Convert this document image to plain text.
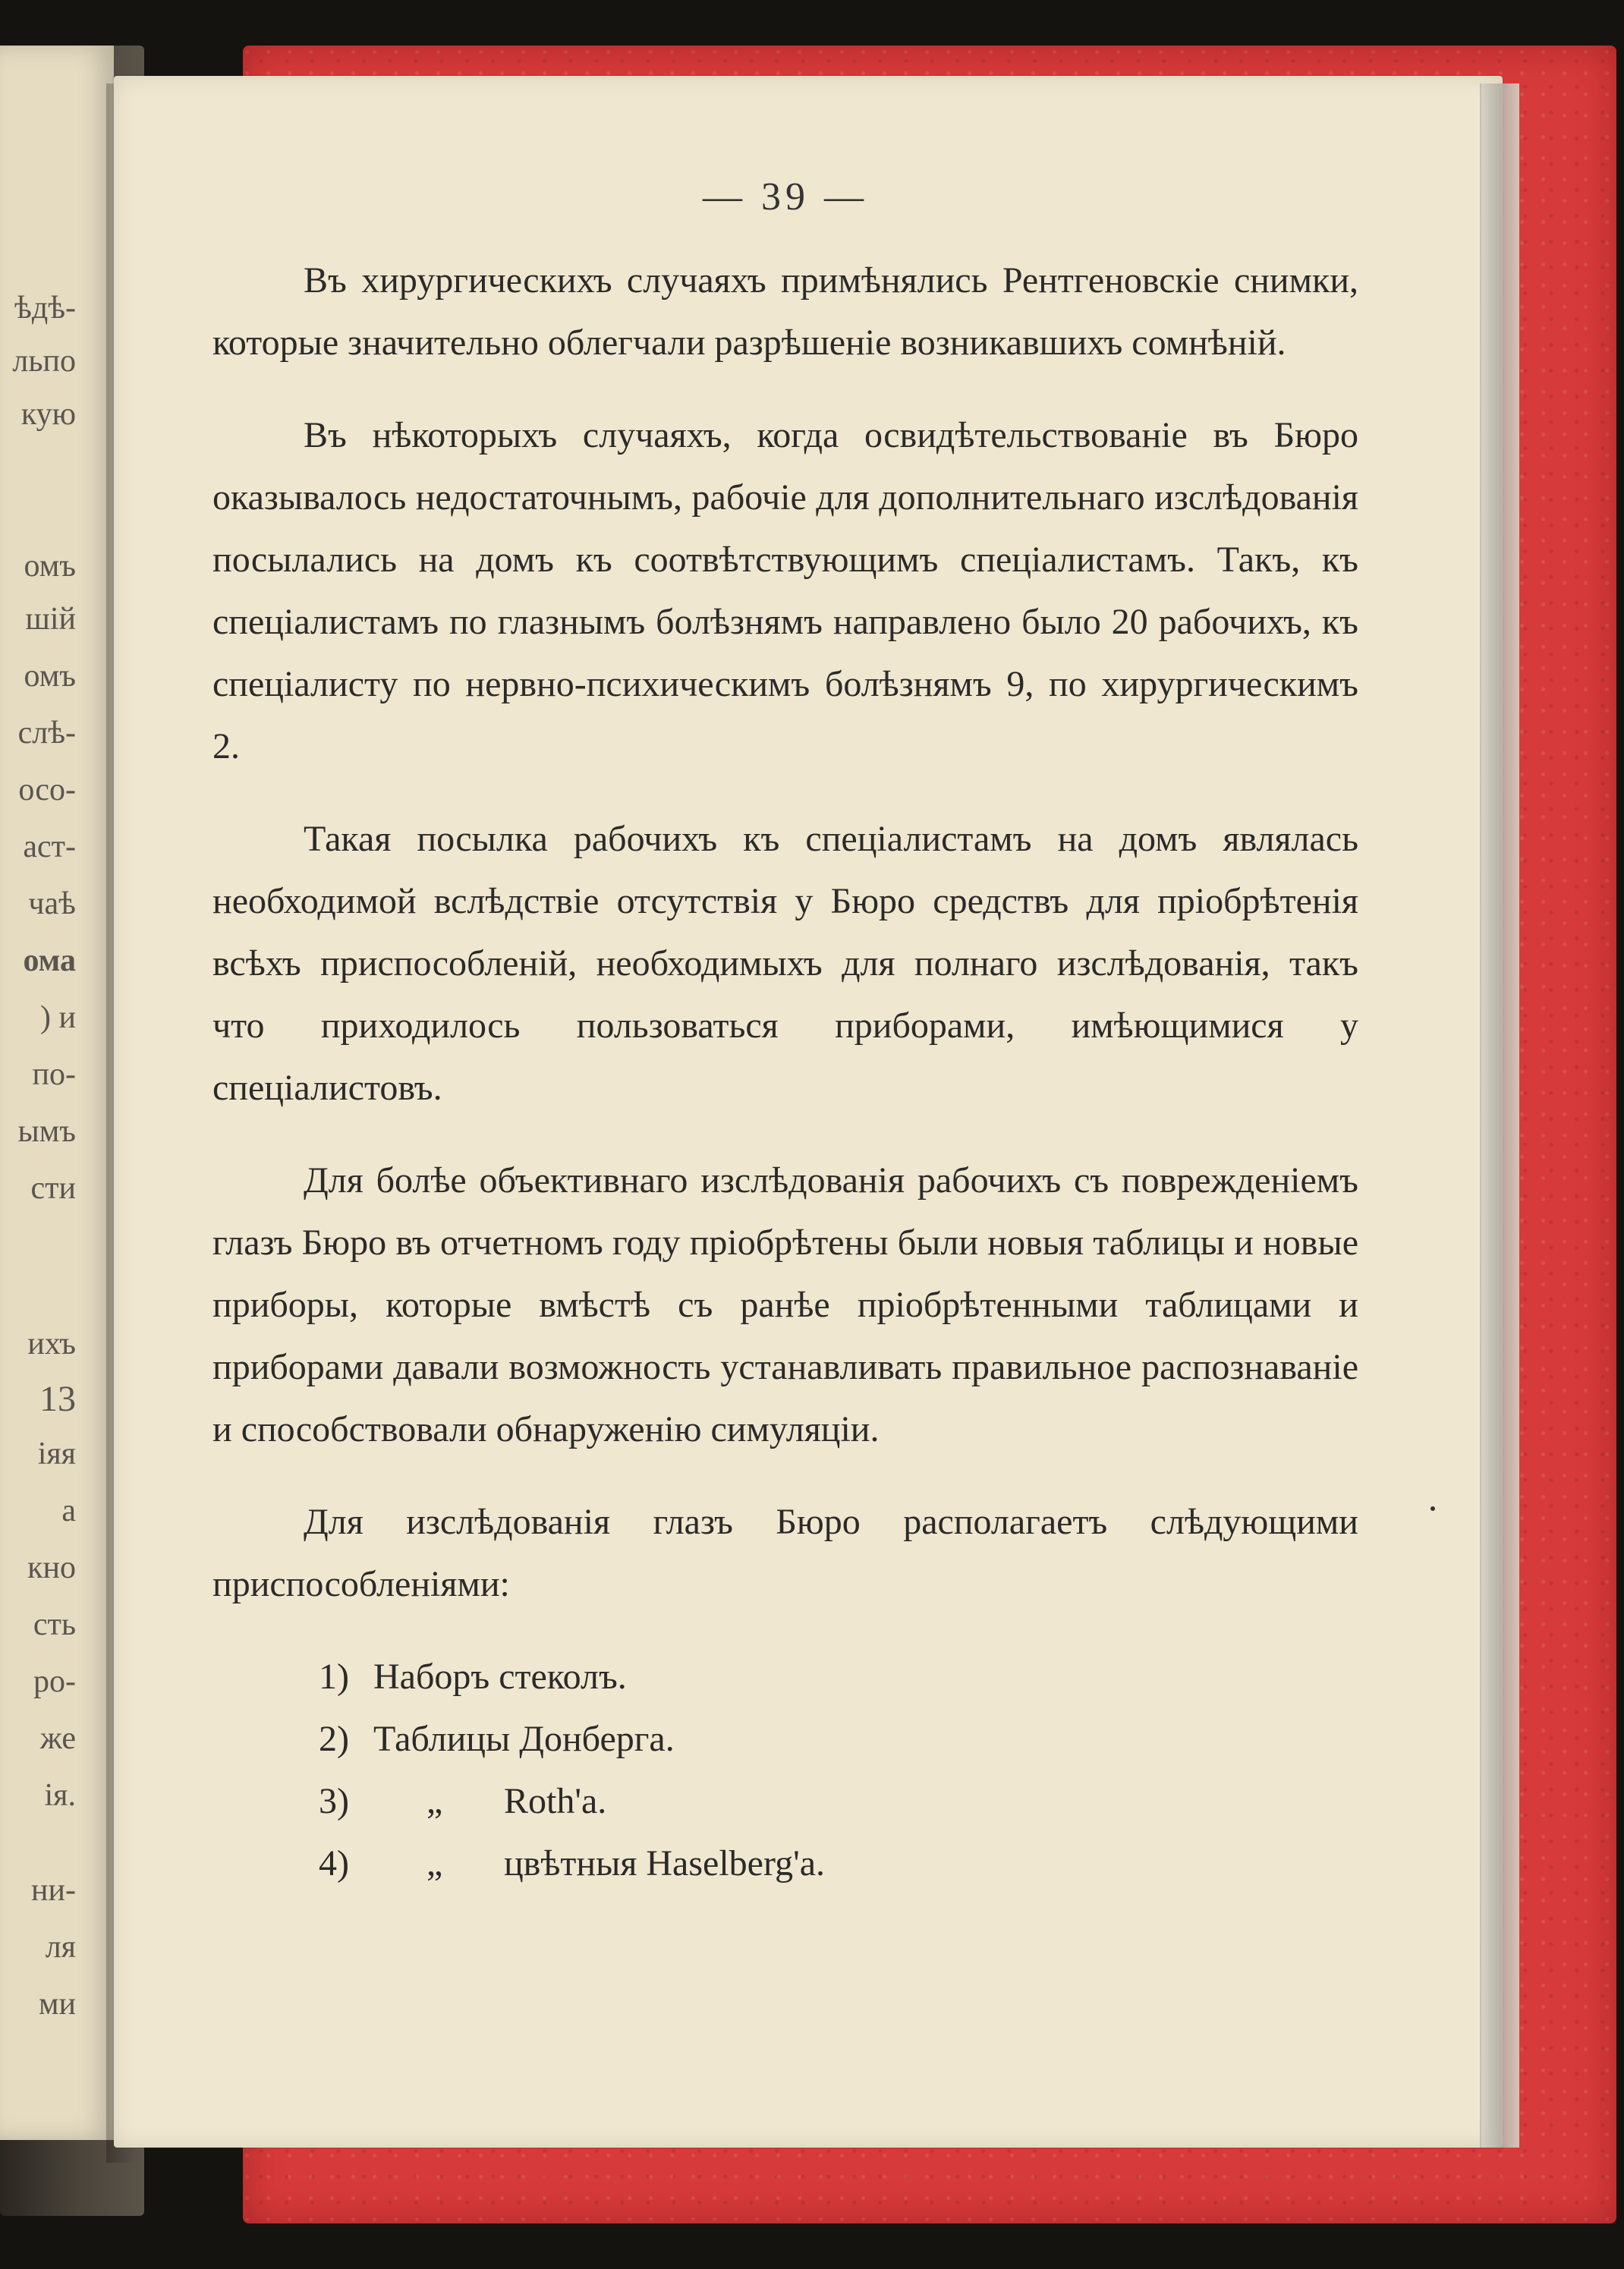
ѣдѣ-
льпо
кую
омъ
шій
омъ
слѣ-
осо-
аст-
чаѣ
ома
) и
по-
ымъ
сти
ихъ
13
іяя
а
кно
сть
ро-
же
ія.
ни-
ля
ми
— 39 —

Въ хирургическихъ случаяхъ примѣнялись Рентгеновскіе снимки, которые значительно облегчали разрѣшеніе возникавшихъ сомнѣній.

Въ нѣкоторыхъ случаяхъ, когда освидѣтельствованіе въ Бюро оказывалось недостаточнымъ, рабочіе для дополнительнаго изслѣдованія посылались на домъ къ соотвѣтствующимъ спеціалистамъ. Такъ, къ спеціалистамъ по глазнымъ болѣзнямъ направлено было 20 рабочихъ, къ спеціалисту по нервно-психическимъ болѣзнямъ 9, по хирургическимъ 2.

Такая посылка рабочихъ къ спеціалистамъ на домъ являлась необходимой вслѣдствіе отсутствія у Бюро средствъ для пріобрѣтенія всѣхъ приспособленій, необходимыхъ для полнаго изслѣдованія, такъ что приходилось пользоваться приборами, имѣющимися у спеціалистовъ.

Для болѣе объективнаго изслѣдованія рабочихъ съ поврежденіемъ глазъ Бюро въ отчетномъ году пріобрѣтены были новыя таблицы и новые приборы, которые вмѣстѣ съ ранѣе пріобрѣтенными таблицами и приборами давали возможность устанавливать правильное распознаваніе и способствовали обнаруженію симуляціи.

Для изслѣдованія глазъ Бюро располагаетъ слѣдующими приспособленіями:

1) Наборъ стеколъ.
2) Таблицы Донберга.
3) „ Roth'a.
4) „ цвѣтныя Haselberg'a.
